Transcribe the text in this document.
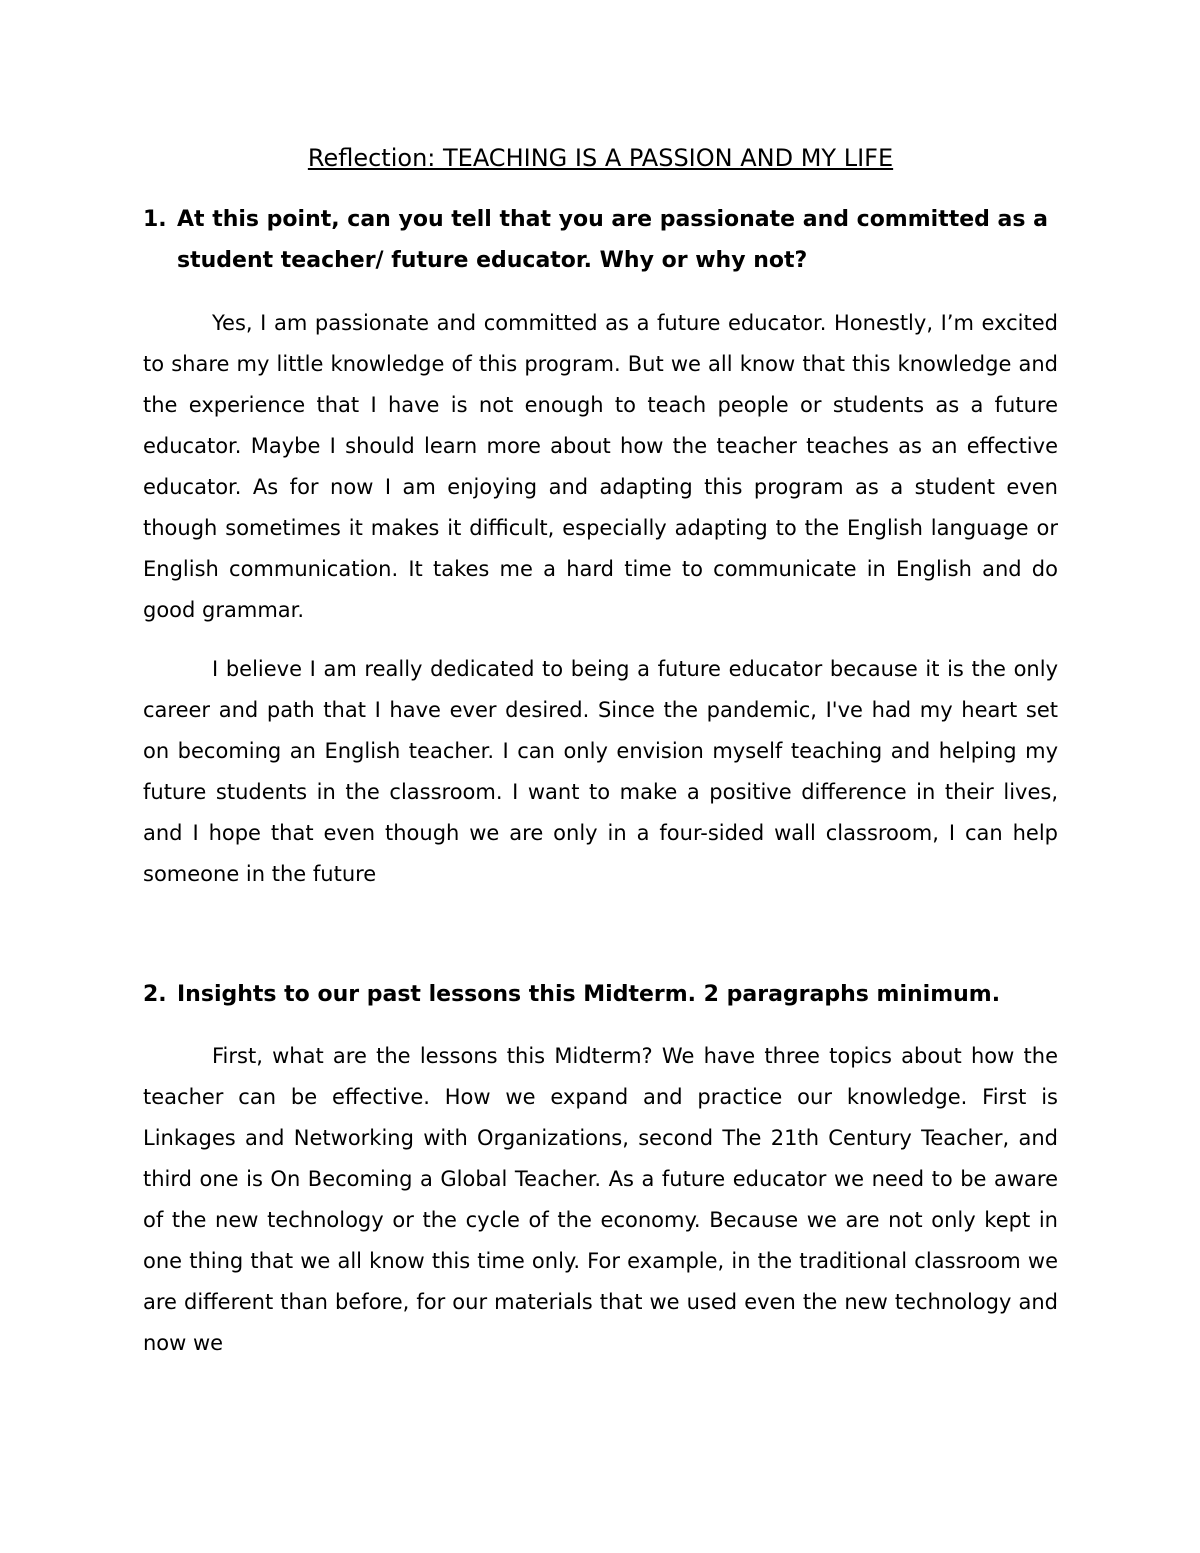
Reflection: TEACHING IS A PASSION AND MY LIFE
1. At this point, can you tell that you are passionate and committed as a student teacher/ future educator. Why or why not?

Yes, I am passionate and committed as a future educator. Honestly, I’m excited to share my little knowledge of this program. But we all know that this knowledge and the experience that I have is not enough to teach people or students as a future educator. Maybe I should learn more about how the teacher teaches as an effective educator. As for now I am enjoying and adapting this program as a student even though sometimes it makes it difficult, especially adapting to the English language or English communication. It takes me a hard time to communicate in English and do good grammar.

I believe I am really dedicated to being a future educator because it is the only career and path that I have ever desired. Since the pandemic, I've had my heart set on becoming an English teacher. I can only envision myself teaching and helping my future students in the classroom. I want to make a positive difference in their lives, and I hope that even though we are only in a four-sided wall classroom, I can help someone in the future

2. Insights to our past lessons this Midterm. 2 paragraphs minimum.

First, what are the lessons this Midterm? We have three topics about how the teacher can be effective. How we expand and practice our knowledge. First is Linkages and Networking with Organizations, second The 21th Century Teacher, and third one is On Becoming a Global Teacher. As a future educator we need to be aware of the new technology or the cycle of the economy. Because we are not only kept in one thing that we all know this time only. For example, in the traditional classroom we are different than before, for our materials that we used even the new technology and now we
